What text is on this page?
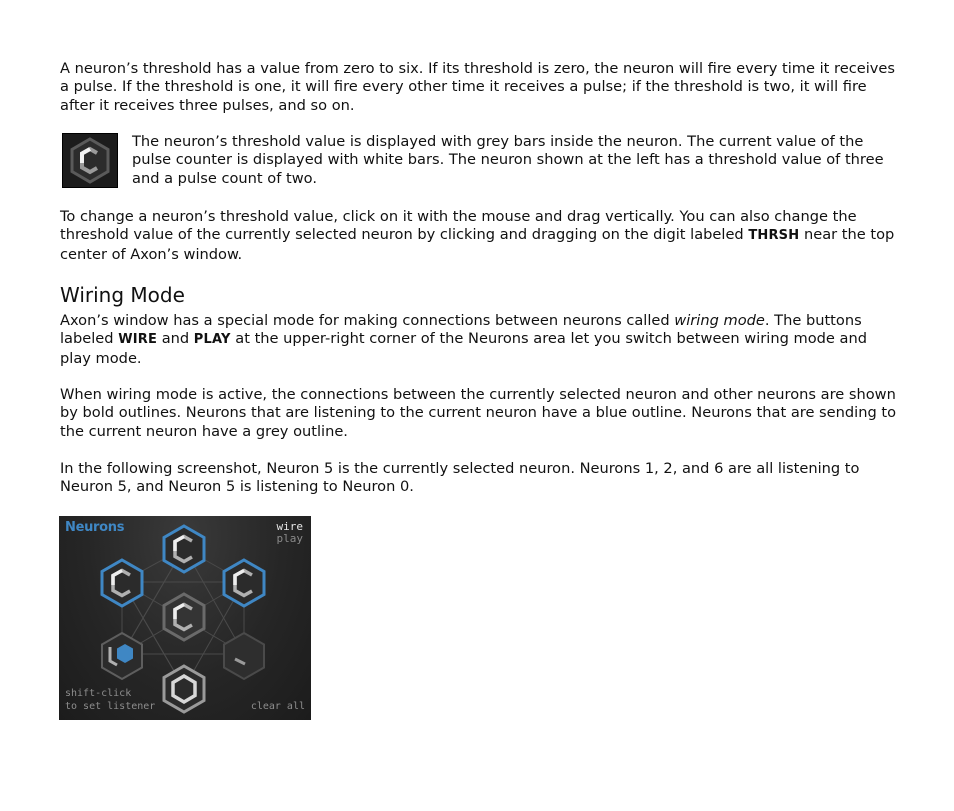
A neuron’s threshold has a value from zero to six. If its threshold is zero, the neuron will fire every time it receives a pulse. If the threshold is one, it will fire every other time it receives a pulse; if the threshold is two, it will fire after it receives three pulses, and so on.

The neuron’s threshold value is displayed with grey bars inside the neuron. The current value of the pulse counter is displayed with white bars. The neuron shown at the left has a threshold value of three and a pulse count of two.

To change a neuron’s threshold value, click on it with the mouse and drag vertically. You can also change the threshold value of the currently selected neuron by clicking and dragging on the digit labeled THRSH near the top center of Axon’s window.

Wiring Mode

Axon’s window has a special mode for making connections between neurons called wiring mode. The buttons labeled WIRE and PLAY at the upper-right corner of the Neurons area let you switch between wiring mode and play mode.

When wiring mode is active, the connections between the currently selected neuron and other neurons are shown by bold outlines. Neurons that are listening to the current neuron have a blue outline. Neurons that are sending to the current neuron have a grey outline.

In the following screenshot, Neuron 5 is the currently selected neuron. Neurons 1, 2, and 6 are all listening to Neuron 5, and Neuron 5 is listening to Neuron 0.

Neurons	wire
play
shift-click
to set listener	clear all
